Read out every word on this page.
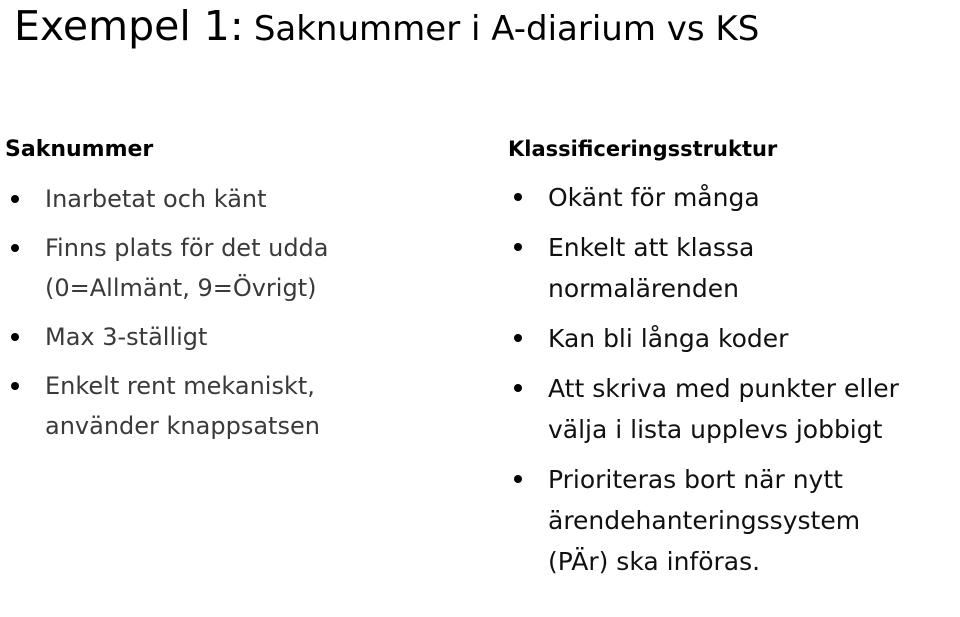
Exempel 1: Saknummer i A-diarium vs KS
Saknummer
Inarbetat och känt
Finns plats för det udda
(0=Allmänt, 9=Övrigt)
Max 3-ställigt
Enkelt rent mekaniskt,
använder knappsatsen
Klassificeringsstruktur
Okänt för många
Enkelt att klassa
normalärenden
Kan bli långa koder
Att skriva med punkter eller
välja i lista upplevs jobbigt
Prioriteras bort när nytt
ärendehanteringssystem
(PÄr) ska införas.
